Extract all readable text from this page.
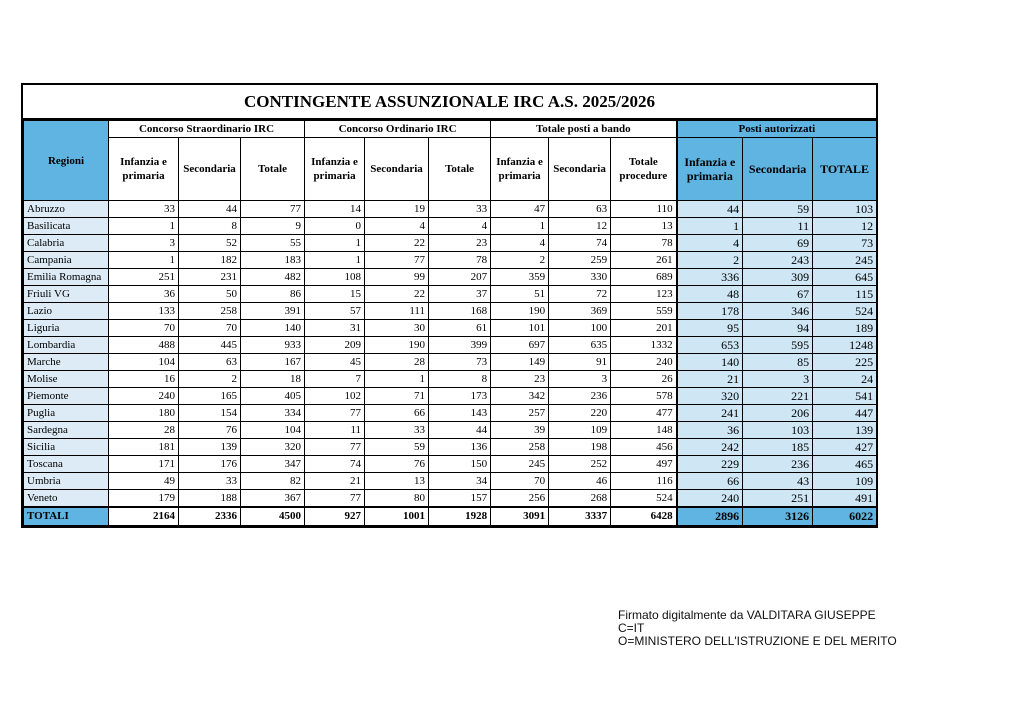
CONTINGENTE ASSUNZIONALE IRC A.S. 2025/2026
Regioni	Concorso Straordinario IRC			Concorso Ordinario IRC			Totale posti a bando			Posti autorizzati		
	Infanzia e primaria	Secondaria	Totale	Infanzia e primaria	Secondaria	Totale	Infanzia e primaria	Secondaria	Totale procedure	Infanzia e primaria	Secondaria	TOTALE
Abruzzo	33	44	77	14	19	33	47	63	110	44	59	103
Basilicata	1	8	9	0	4	4	1	12	13	1	11	12
Calabria	3	52	55	1	22	23	4	74	78	4	69	73
Campania	1	182	183	1	77	78	2	259	261	2	243	245
Emilia Romagna	251	231	482	108	99	207	359	330	689	336	309	645
Friuli VG	36	50	86	15	22	37	51	72	123	48	67	115
Lazio	133	258	391	57	111	168	190	369	559	178	346	524
Liguria	70	70	140	31	30	61	101	100	201	95	94	189
Lombardia	488	445	933	209	190	399	697	635	1332	653	595	1248
Marche	104	63	167	45	28	73	149	91	240	140	85	225
Molise	16	2	18	7	1	8	23	3	26	21	3	24
Piemonte	240	165	405	102	71	173	342	236	578	320	221	541
Puglia	180	154	334	77	66	143	257	220	477	241	206	447
Sardegna	28	76	104	11	33	44	39	109	148	36	103	139
Sicilia	181	139	320	77	59	136	258	198	456	242	185	427
Toscana	171	176	347	74	76	150	245	252	497	229	236	465
Umbria	49	33	82	21	13	34	70	46	116	66	43	109
Veneto	179	188	367	77	80	157	256	268	524	240	251	491
TOTALI	2164	2336	4500	927	1001	1928	3091	3337	6428	2896	3126	6022
Firmato digitalmente da VALDITARA GIUSEPPE
C=IT
O=MINISTERO DELL'ISTRUZIONE E DEL MERITO
